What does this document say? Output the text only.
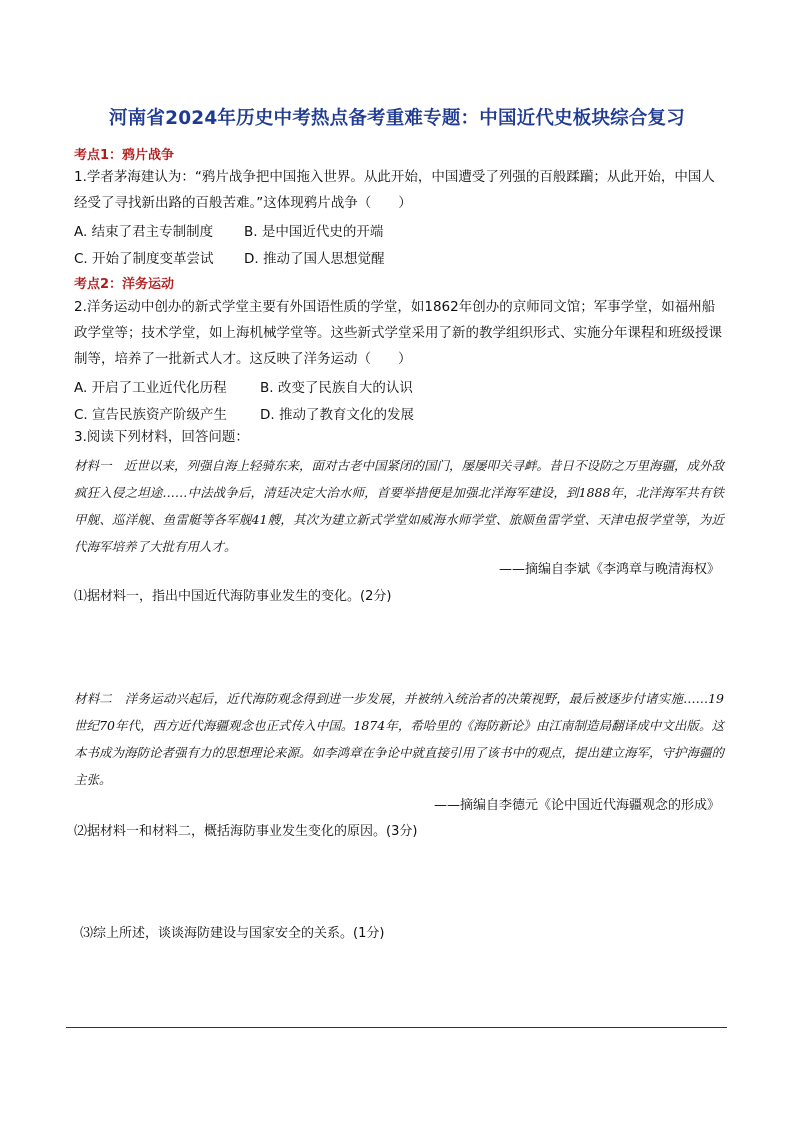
河南省2024年历史中考热点备考重难专题：中国近代史板块综合复习
考点1：鸦片战争
1.学者茅海建认为：“鸦片战争把中国拖入世界。从此开始，中国遭受了列强的百般蹂躏；从此开始，中国人经受了寻找新出路的百般苦难。”这体现鸦片战争（　　）
A. 结束了君主专制制度 B. 是中国近代史的开端
C. 开始了制度变革尝试 D. 推动了国人思想觉醒
考点2：洋务运动
2.洋务运动中创办的新式学堂主要有外国语性质的学堂，如1862年创办的京师同文馆；军事学堂，如福州船政学堂等；技术学堂，如上海机械学堂等。这些新式学堂采用了新的教学组织形式、实施分年课程和班级授课制等，培养了一批新式人才。这反映了洋务运动（　　）
A. 开启了工业近代化历程 B. 改变了民族自大的认识
C. 宣告民族资产阶级产生 D. 推动了教育文化的发展
3.阅读下列材料，回答问题：
材料一　近世以来，列强自海上轻骑东来，面对古老中国紧闭的国门，屡屡叩关寻衅。昔日不设防之万里海疆，成外敌疯狂入侵之坦途……中法战争后，清廷决定大治水师，首要举措便是加强北洋海军建设，到1888年，北洋海军共有铁甲舰、巡洋舰、鱼雷艇等各军舰41艘，其次为建立新式学堂如威海水师学堂、旅顺鱼雷学堂、天津电报学堂等，为近代海军培养了大批有用人才。
——摘编自李斌《李鸿章与晚清海权》
⑴据材料一，指出中国近代海防事业发生的变化。(2分)
材料二　洋务运动兴起后，近代海防观念得到进一步发展，并被纳入统治者的决策视野，最后被逐步付诸实施……19世纪70年代，西方近代海疆观念也正式传入中国。1874年，希哈里的《海防新论》由江南制造局翻译成中文出版。这本书成为海防论者强有力的思想理论来源。如李鸿章在争论中就直接引用了该书中的观点，提出建立海军，守护海疆的主张。
——摘编自李德元《论中国近代海疆观念的形成》
⑵据材料一和材料二，概括海防事业发生变化的原因。(3分)
⑶综上所述，谈谈海防建设与国家安全的关系。(1分)
